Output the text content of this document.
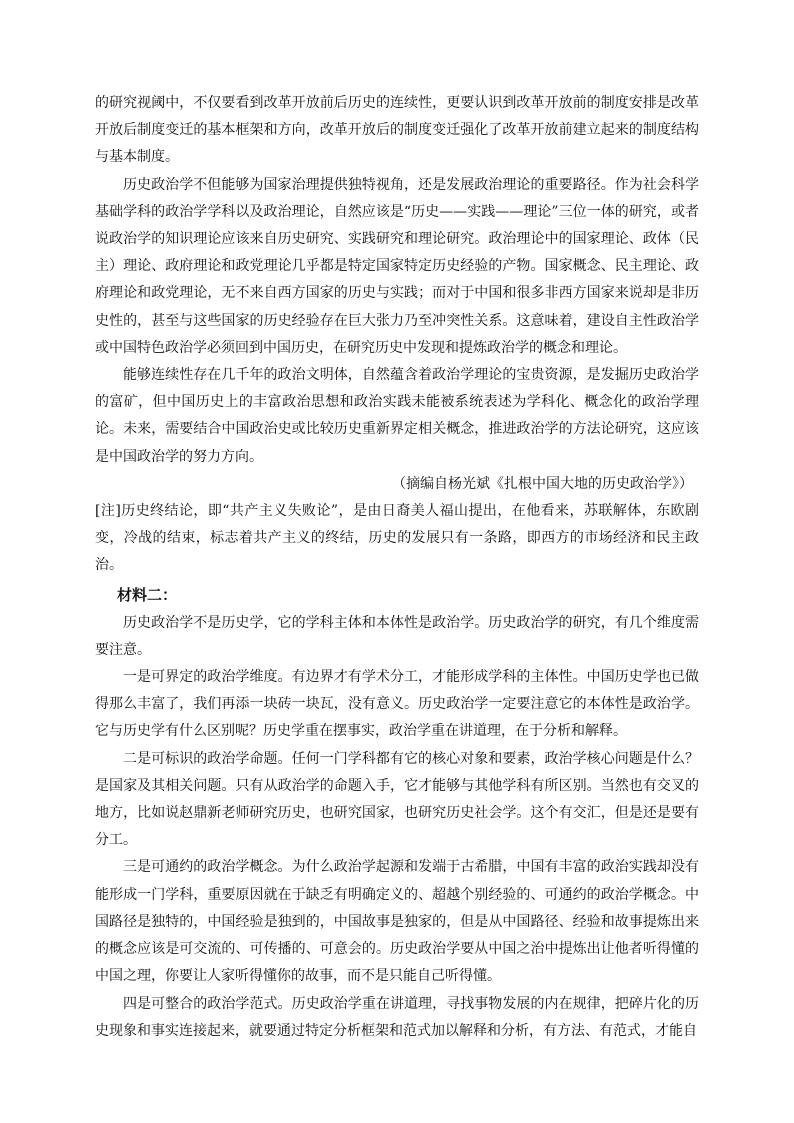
的研究视阈中，不仅要看到改革开放前后历史的连续性，更要认识到改革开放前的制度安排是改革开放后制度变迁的基本框架和方向，改革开放后的制度变迁强化了改革开放前建立起来的制度结构与基本制度。

历史政治学不但能够为国家治理提供独特视角，还是发展政治理论的重要路径。作为社会科学基础学科的政治学学科以及政治理论，自然应该是“历史——实践——理论”三位一体的研究，或者说政治学的知识理论应该来自历史研究、实践研究和理论研究。政治理论中的国家理论、政体（民主）理论、政府理论和政党理论几乎都是特定国家特定历史经验的产物。国家概念、民主理论、政府理论和政党理论，无不来自西方国家的历史与实践；而对于中国和很多非西方国家来说却是非历史性的，甚至与这些国家的历史经验存在巨大张力乃至冲突性关系。这意味着，建设自主性政治学或中国特色政治学必须回到中国历史，在研究历史中发现和提炼政治学的概念和理论。

能够连续性存在几千年的政治文明体，自然蕴含着政治学理论的宝贵资源，是发掘历史政治学的富矿，但中国历史上的丰富政治思想和政治实践未能被系统表述为学科化、概念化的政治学理论。未来，需要结合中国政治史或比较历史重新界定相关概念，推进政治学的方法论研究，这应该是中国政治学的努力方向。

（摘编自杨光斌《扎根中国大地的历史政治学》）

[注]历史终结论，即“共产主义失败论”，是由日裔美人福山提出，在他看来，苏联解体，东欧剧变，冷战的结束，标志着共产主义的终结，历史的发展只有一条路，即西方的市场经济和民主政治。

材料二：

历史政治学不是历史学，它的学科主体和本体性是政治学。历史政治学的研究，有几个维度需要注意。

一是可界定的政治学维度。有边界才有学术分工，才能形成学科的主体性。中国历史学也已做得那么丰富了，我们再添一块砖一块瓦，没有意义。历史政治学一定要注意它的本体性是政治学。它与历史学有什么区别呢？历史学重在摆事实，政治学重在讲道理，在于分析和解释。

二是可标识的政治学命题。任何一门学科都有它的核心对象和要素，政治学核心问题是什么？是国家及其相关问题。只有从政治学的命题入手，它才能够与其他学科有所区别。当然也有交叉的地方，比如说赵鼎新老师研究历史，也研究国家，也研究历史社会学。这个有交汇，但是还是要有分工。

三是可通约的政治学概念。为什么政治学起源和发端于古希腊，中国有丰富的政治实践却没有能形成一门学科，重要原因就在于缺乏有明确定义的、超越个别经验的、可通约的政治学概念。中国路径是独特的，中国经验是独到的，中国故事是独家的，但是从中国路径、经验和故事提炼出来的概念应该是可交流的、可传播的、可意会的。历史政治学要从中国之治中提炼出让他者听得懂的中国之理，你要让人家听得懂你的故事，而不是只能自己听得懂。

四是可整合的政治学范式。历史政治学重在讲道理，寻找事物发展的内在规律，把碎片化的历史现象和事实连接起来，就要通过特定分析框架和范式加以解释和分析，有方法、有范式，才能自
